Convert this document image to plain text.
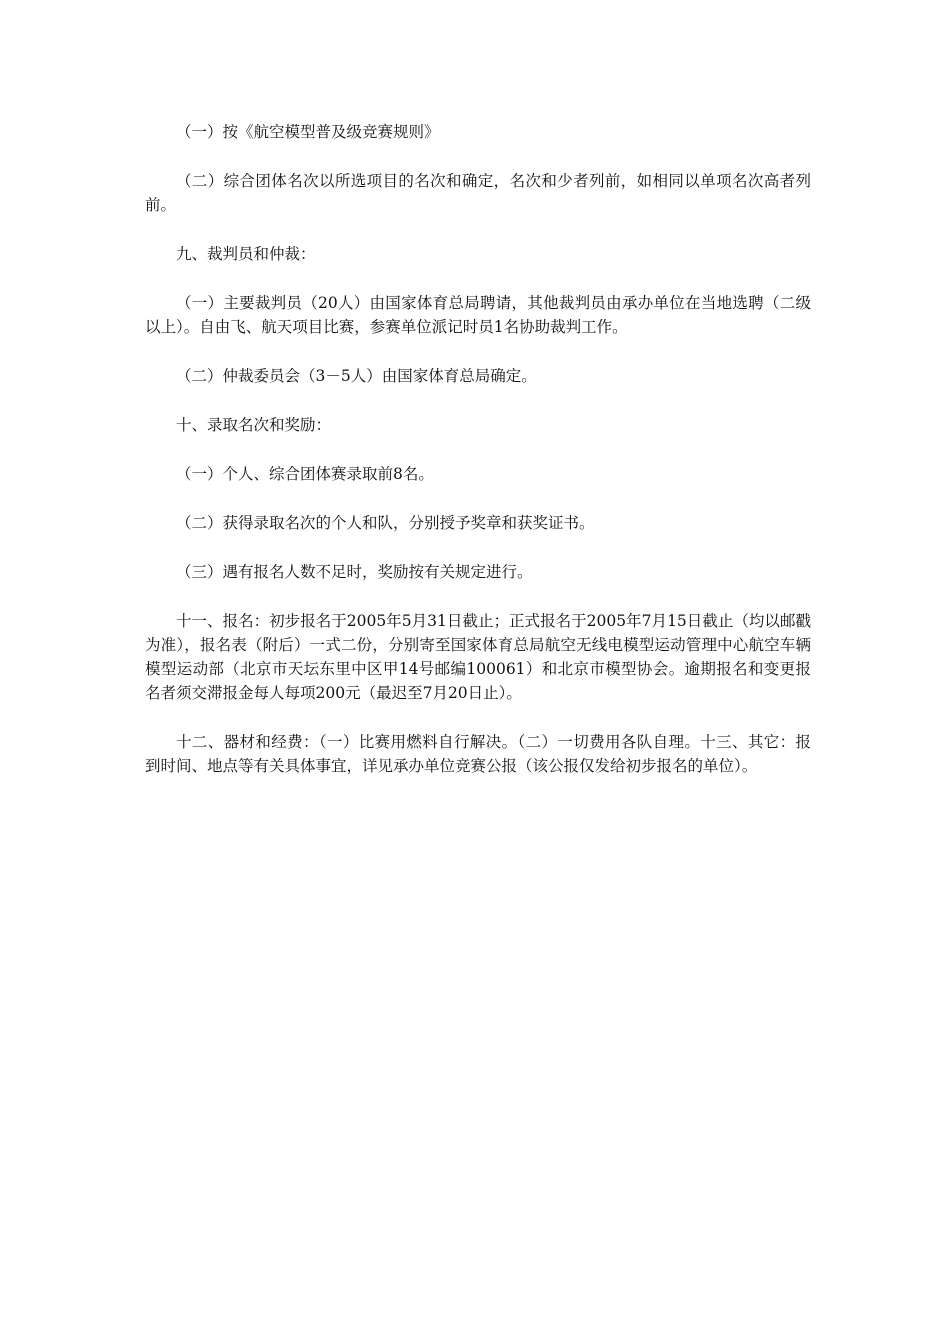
（一）按《航空模型普及级竞赛规则》

（二）综合团体名次以所选项目的名次和确定，名次和少者列前，如相同以单项名次高者列前。

九、裁判员和仲裁：

（一）主要裁判员（20人）由国家体育总局聘请，其他裁判员由承办单位在当地选聘（二级以上）。自由飞、航天项目比赛，参赛单位派记时员1名协助裁判工作。

（二）仲裁委员会（3－5人）由国家体育总局确定。

十、录取名次和奖励：

（一）个人、综合团体赛录取前8名。

（二）获得录取名次的个人和队，分别授予奖章和获奖证书。

（三）遇有报名人数不足时，奖励按有关规定进行。

十一、报名：初步报名于2005年5月31日截止；正式报名于2005年7月15日截止（均以邮戳为准），报名表（附后）一式二份，分别寄至国家体育总局航空无线电模型运动管理中心航空车辆模型运动部（北京市天坛东里中区甲14号邮编100061）和北京市模型协会。逾期报名和变更报名者须交滞报金每人每项200元（最迟至7月20日止）。

十二、器材和经费：（一）比赛用燃料自行解决。（二）一切费用各队自理。十三、其它：报到时间、地点等有关具体事宜，详见承办单位竞赛公报（该公报仅发给初步报名的单位）。
